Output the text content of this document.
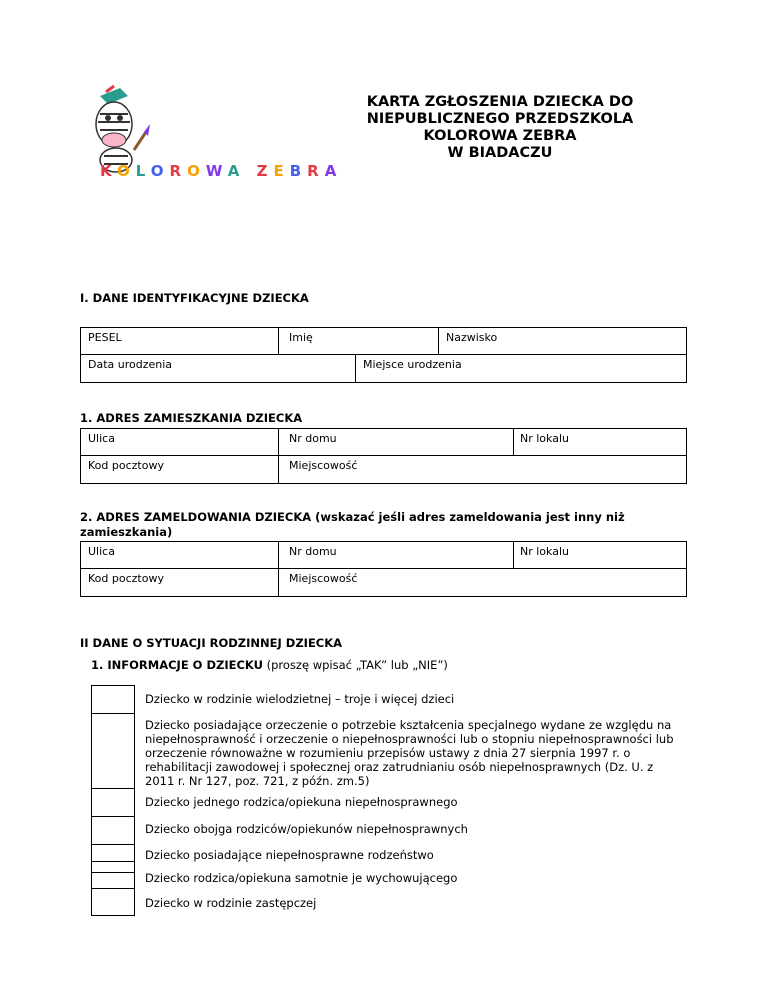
KOLOROWA ZEBRA
KARTA ZGŁOSZENIA DZIECKA DO
NIEPUBLICZNEGO PRZEDSZKOLA
KOLOROWA ZEBRA
W BIADACZU
I. DANE IDENTYFIKACYJNE DZIECKA
PESEL	Imię	Nazwisko
Data urodzenia	Miejsce urodzenia
1. ADRES ZAMIESZKANIA DZIECKA
Ulica	Nr domu	Nr lokalu
Kod pocztowy	Miejscowość
2. ADRES ZAMELDOWANIA DZIECKA (wskazać jeśli adres zameldowania jest inny niż
zamieszkania)
Ulica	Nr domu	Nr lokalu
Kod pocztowy	Miejscowość
II DANE O SYTUACJI RODZINNEJ DZIECKA
1. INFORMACJE O DZIECKU (proszę wpisać „TAK” lub „NIE”)
Dziecko w rodzinie wielodzietnej – troje i więcej dzieci
Dziecko posiadające orzeczenie o potrzebie kształcenia specjalnego wydane ze względu na niepełnosprawność i orzeczenie o niepełnosprawności lub o stopniu niepełnosprawności lub orzeczenie równoważne w rozumieniu przepisów ustawy z dnia 27 sierpnia 1997 r. o rehabilitacji zawodowej i społecznej oraz zatrudnianiu osób niepełnosprawnych (Dz. U. z 2011 r. Nr 127, poz. 721, z późn. zm.5)
Dziecko jednego rodzica/opiekuna niepełnosprawnego
Dziecko obojga rodziców/opiekunów niepełnosprawnych
Dziecko posiadające niepełnosprawne rodzeństwo
Dziecko rodzica/opiekuna samotnie je wychowującego
Dziecko w rodzinie zastępczej
